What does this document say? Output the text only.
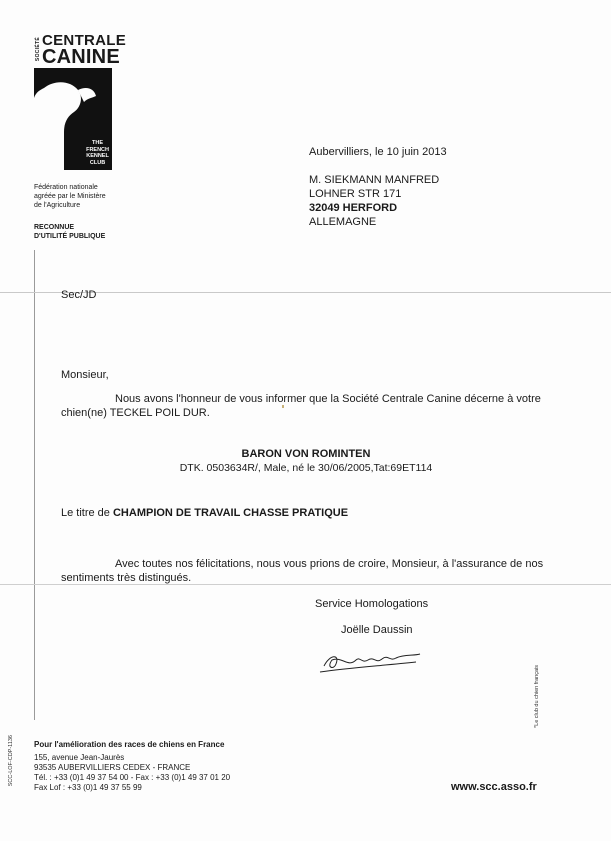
SOCIÉTÉ CENTRALE
CANINE
THE
FRENCH
KENNEL
CLUB
Fédération nationale
agréée par le Ministère
de l'Agriculture
RECONNUE
D'UTILITÉ PUBLIQUE
Aubervilliers, le 10 juin 2013
M. SIEKMANN MANFRED
LOHNER STR 171
32049 HERFORD
ALLEMAGNE
Sec/JD
Monsieur,
Nous avons l'honneur de vous informer que la Société Centrale Canine décerne à votre
chien(ne) TECKEL POIL DUR.
BARON VON ROMINTEN
DTK. 0503634R/, Male, né le 30/06/2005,Tat:69ET114
Le titre de CHAMPION DE TRAVAIL CHASSE PRATIQUE
Avec toutes nos félicitations, nous vous prions de croire, Monsieur, à l'assurance de nos
sentiments très distingués.
Service Homologations
Joëlle Daussin
SCC-LOF-CDP-1136
*Le club du chien français
Pour l'amélioration des races de chiens en France
155, avenue Jean-Jaurès
93535 AUBERVILLIERS CEDEX - FRANCE
Tél. : +33 (0)1 49 37 54 00 - Fax : +33 (0)1 49 37 01 20
Fax Lof : +33 (0)1 49 37 55 99	www.scc.asso.fr
